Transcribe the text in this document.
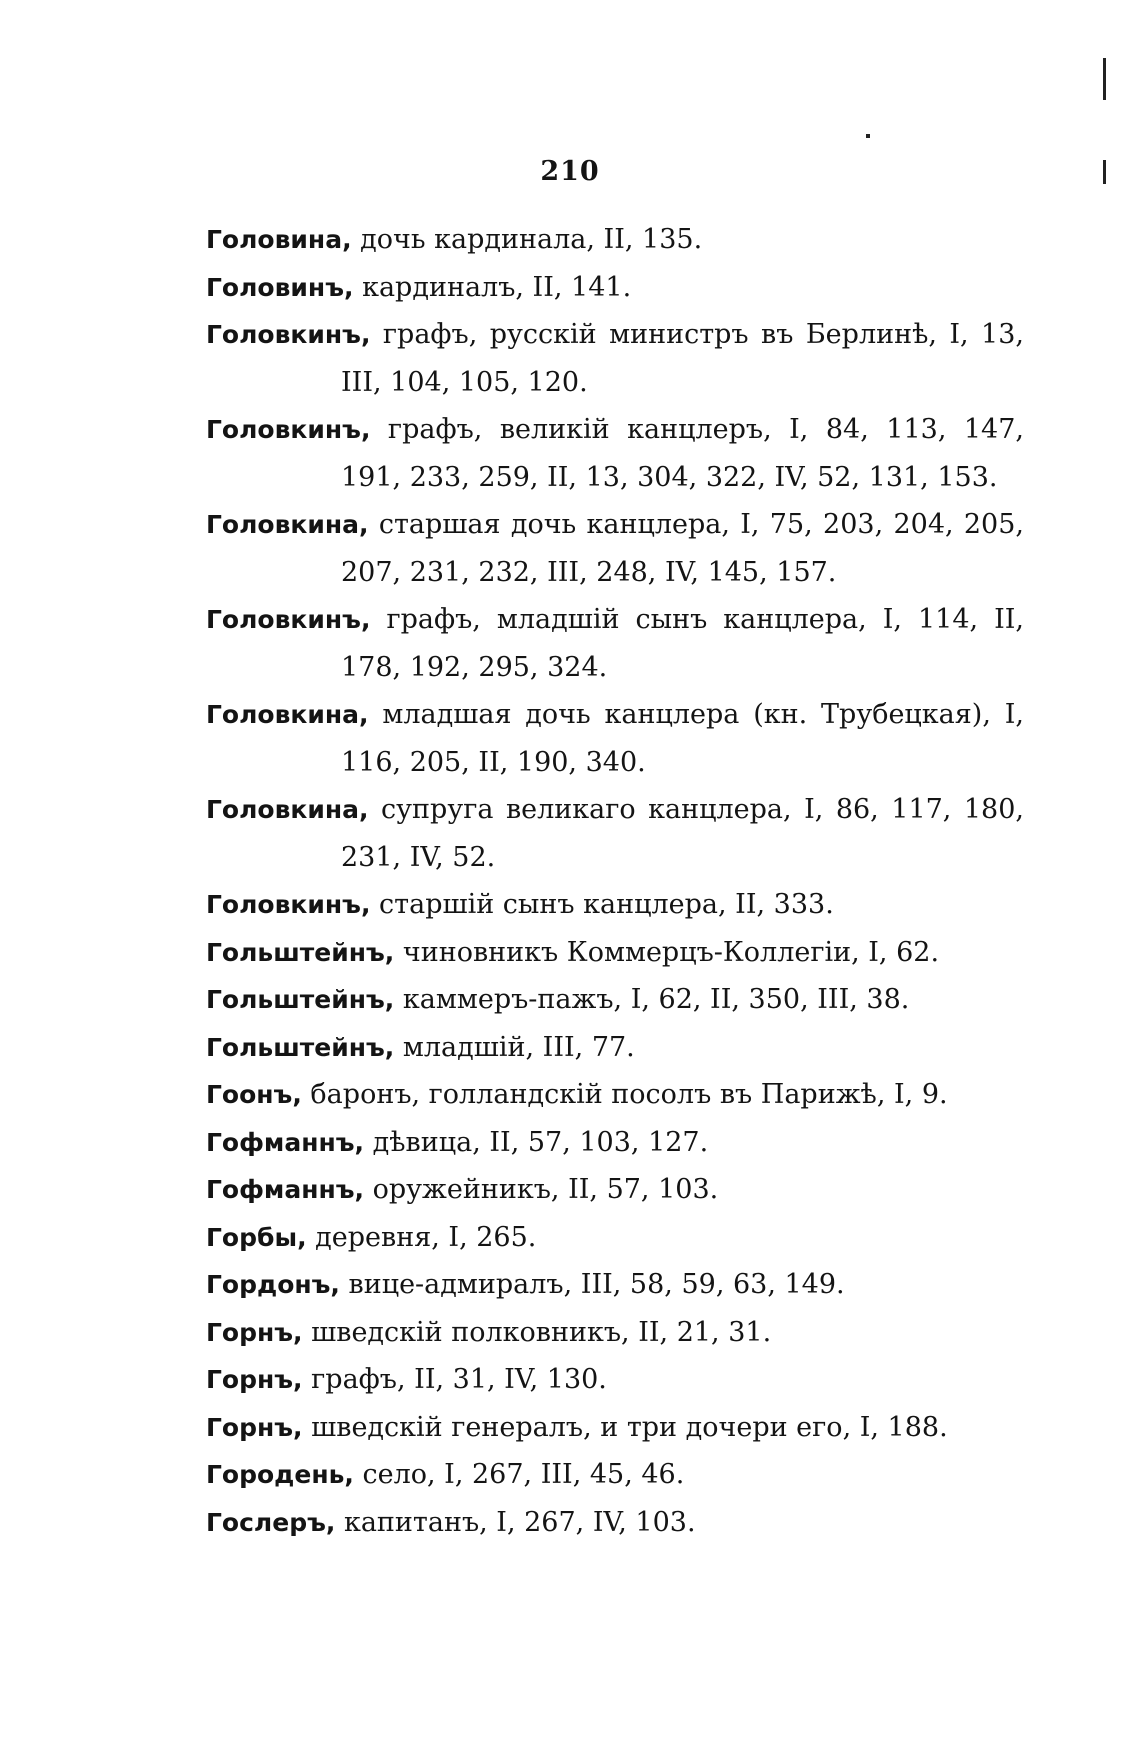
210
Головина, дочь кардинала, II, 135.
Головинъ, кардиналъ, II, 141.
Головкинъ, графъ, русскій министръ въ Берлинѣ, I, 13, III, 104, 105, 120.
Головкинъ, графъ, великій канцлеръ, I, 84, 113, 147, 191, 233, 259, II, 13, 304, 322, IV, 52, 131, 153.
Головкина, старшая дочь канцлера, I, 75, 203, 204, 205, 207, 231, 232, III, 248, IV, 145, 157.
Головкинъ, графъ, младшій сынъ канцлера, I, 114, II, 178, 192, 295, 324.
Головкина, младшая дочь канцлера (кн. Трубецкая), I, 116, 205, II, 190, 340.
Головкина, супруга великаго канцлера, I, 86, 117, 180, 231, IV, 52.
Головкинъ, старшій сынъ канцлера, II, 333.
Гольштейнъ, чиновникъ Коммерцъ-Коллегіи, I, 62.
Гольштейнъ, каммеръ-пажъ, I, 62, II, 350, III, 38.
Гольштейнъ, младшій, III, 77.
Гоонъ, баронъ, голландскій посолъ въ Парижѣ, I, 9.
Гофманнъ, дѣвица, II, 57, 103, 127.
Гофманнъ, оружейникъ, II, 57, 103.
Горбы, деревня, I, 265.
Гордонъ, вице-адмиралъ, III, 58, 59, 63, 149.
Горнъ, шведскій полковникъ, II, 21, 31.
Горнъ, графъ, II, 31, IV, 130.
Горнъ, шведскій генералъ, и три дочери его, I, 188.
Городень, село, I, 267, III, 45, 46.
Гослеръ, капитанъ, I, 267, IV, 103.
